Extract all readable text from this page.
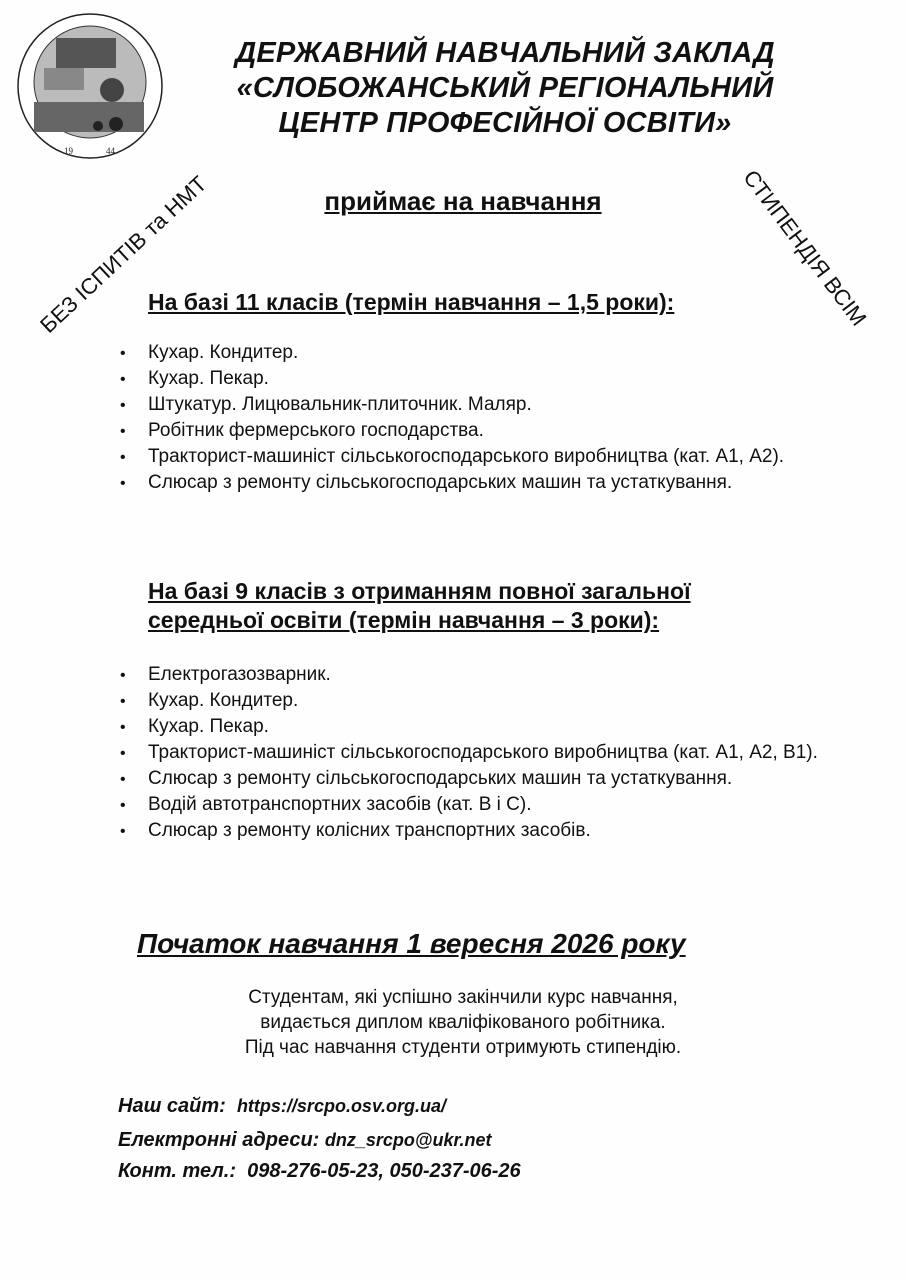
19	44
ДЕРЖАВНИЙ НАВЧАЛЬНИЙ ЗАКЛАД
«СЛОБОЖАНСЬКИЙ РЕГІОНАЛЬНИЙ
ЦЕНТР ПРОФЕСІЙНОЇ ОСВІТИ»
приймає на навчання
БЕЗ ІСПИТІВ та НМТ	СТИПЕНДІЯ ВСІМ
На базі 11 класів (термін навчання – 1,5 роки):
• Кухар. Кондитер.
• Кухар. Пекар.
• Штукатур. Лицювальник-плиточник. Маляр.
• Робітник фермерського господарства.
• Тракторист-машиніст сільськогосподарського виробництва (кат. А1, А2).
• Слюсар з ремонту сільськогосподарських машин та устаткування.
На базі 9 класів з отриманням повної загальної
середньої освіти (термін навчання – 3 роки):
• Електрогазозварник.
• Кухар. Кондитер.
• Кухар. Пекар.
• Тракторист-машиніст сільськогосподарського виробництва (кат. А1, А2, В1).
• Слюсар з ремонту сільськогосподарських машин та устаткування.
• Водій автотранспортних засобів (кат. В і С).
• Слюсар з ремонту колісних транспортних засобів.
Початок навчання 1 вересня 2026 року
Студентам, які успішно закінчили курс навчання,
видається диплом кваліфікованого робітника.
Під час навчання студенти отримують стипендію.
Наш сайт: https://srcpo.osv.org.ua/
Електронні адреси: dnz_srcpo@ukr.net
Конт. тел.: 098-276-05-23, 050-237-06-26
